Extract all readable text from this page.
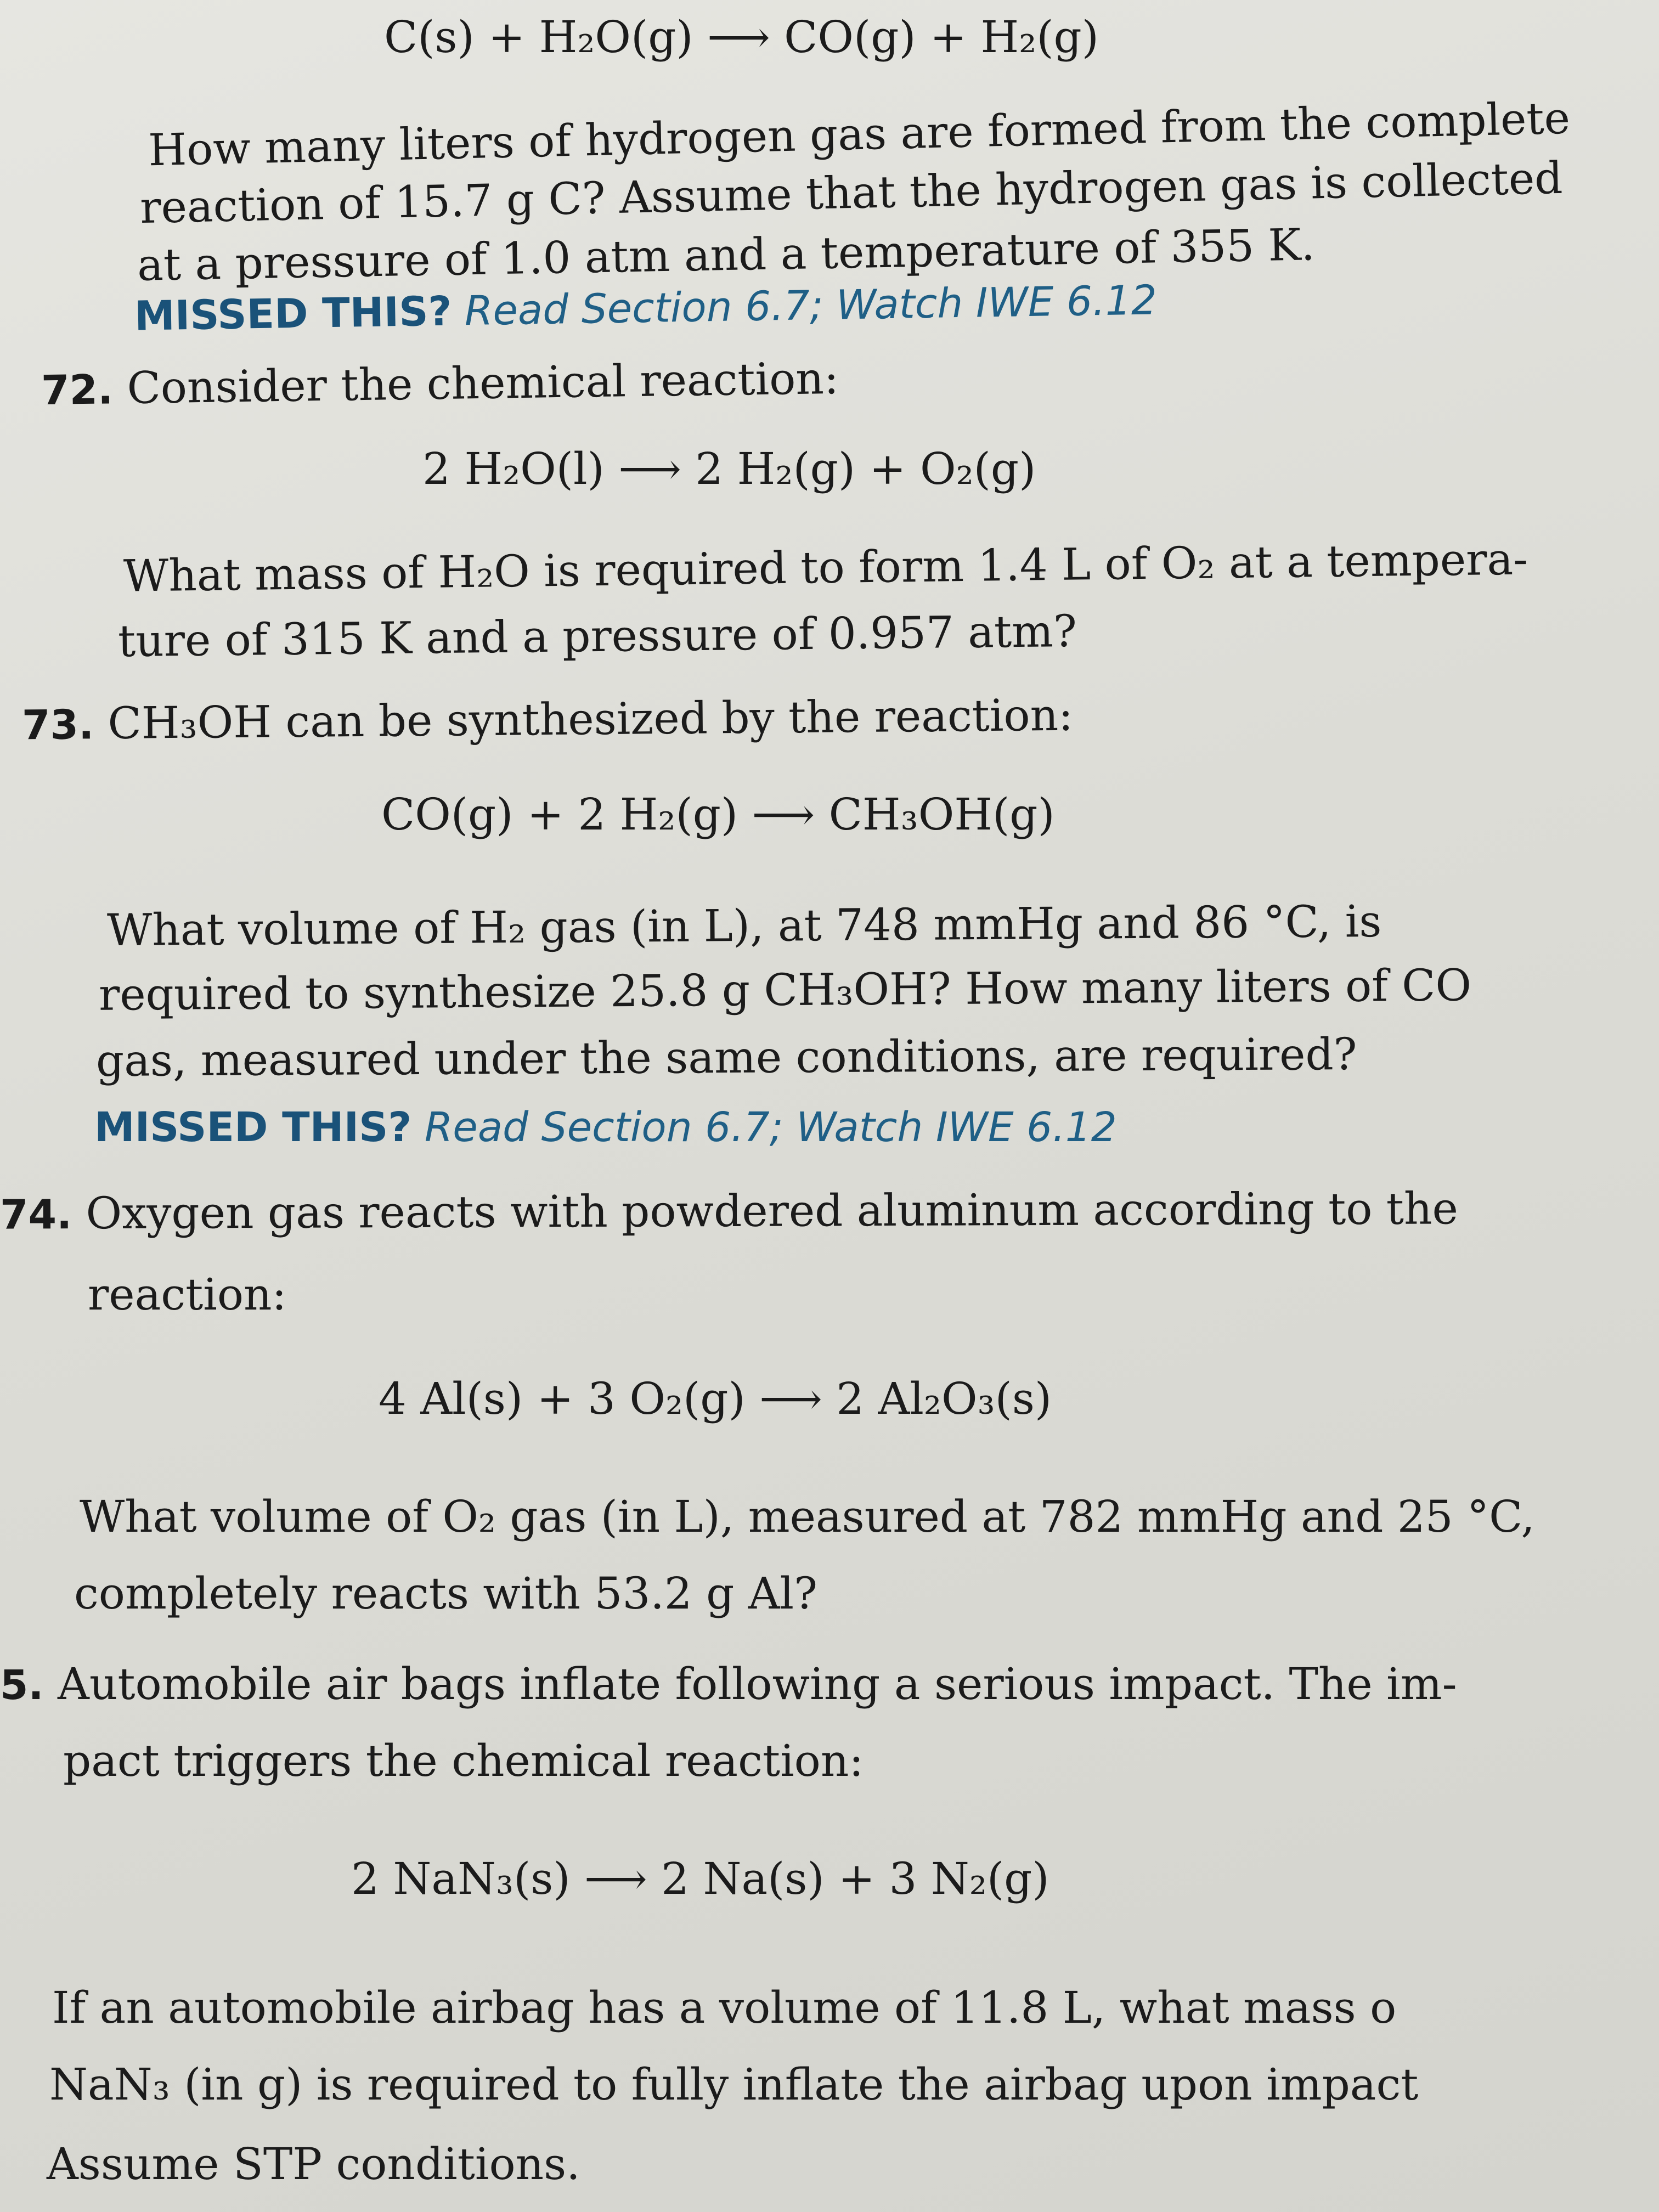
C(s) + H₂O(g) ⟶ CO(g) + H₂(g)
How many liters of hydrogen gas are formed from the complete
reaction of 15.7 g C? Assume that the hydrogen gas is collected
at a pressure of 1.0 atm and a temperature of 355 K.
MISSED THIS? Read Section 6.7; Watch IWE 6.12
72. Consider the chemical reaction:
2 H₂O(l) ⟶ 2 H₂(g) + O₂(g)
What mass of H₂O is required to form 1.4 L of O₂ at a tempera-
ture of 315 K and a pressure of 0.957 atm?
73. CH₃OH can be synthesized by the reaction:
CO(g) + 2 H₂(g) ⟶ CH₃OH(g)
What volume of H₂ gas (in L), at 748 mmHg and 86 °C, is
required to synthesize 25.8 g CH₃OH? How many liters of CO
gas, measured under the same conditions, are required?
MISSED THIS? Read Section 6.7; Watch IWE 6.12
74. Oxygen gas reacts with powdered aluminum according to the
reaction:
4 Al(s) + 3 O₂(g) ⟶ 2 Al₂O₃(s)
What volume of O₂ gas (in L), measured at 782 mmHg and 25 °C,
completely reacts with 53.2 g Al?
5. Automobile air bags inflate following a serious impact. The im-
pact triggers the chemical reaction:
2 NaN₃(s) ⟶ 2 Na(s) + 3 N₂(g)
If an automobile airbag has a volume of 11.8 L, what mass o
NaN₃ (in g) is required to fully inflate the airbag upon impact
Assume STP conditions.
